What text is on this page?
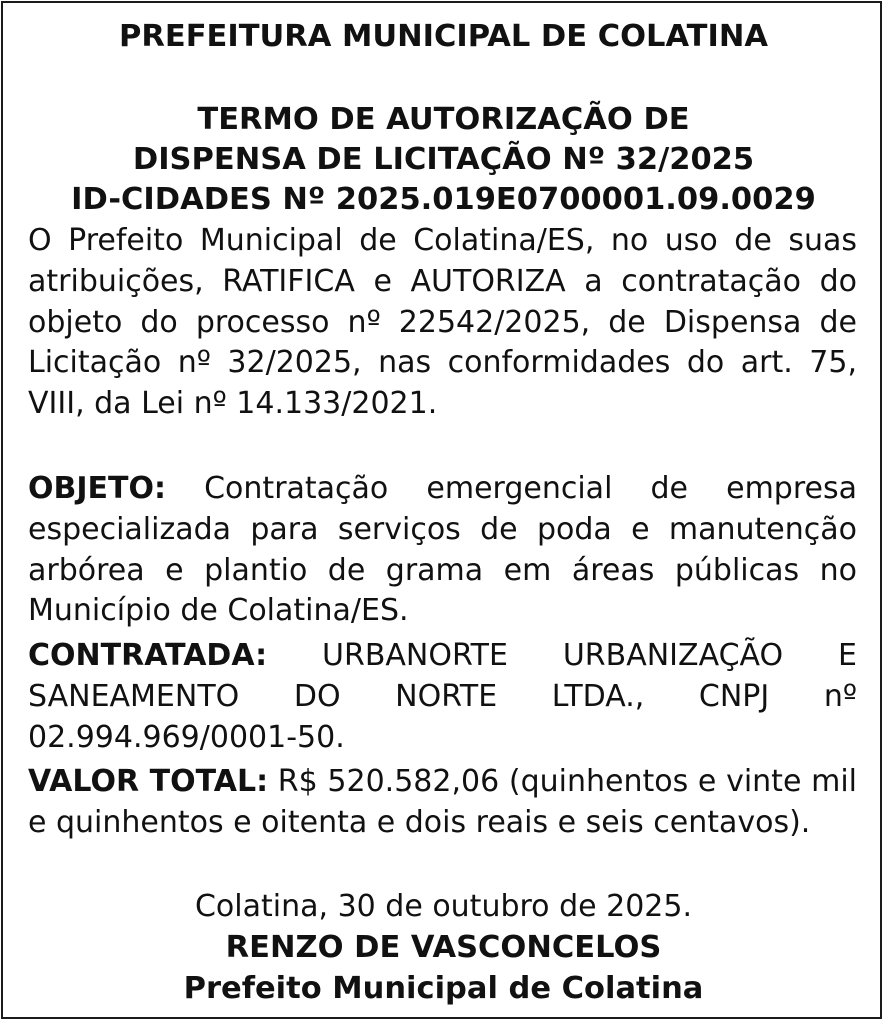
PREFEITURA MUNICIPAL DE COLATINA

TERMO DE AUTORIZAÇÃO DE

DISPENSA DE LICITAÇÃO Nº 32/2025

ID-CIDADES Nº 2025.019E0700001.09.0029

O Prefeito Municipal de Colatina/ES, no uso de suas atribuições, RATIFICA e AUTORIZA a contratação do objeto do processo nº 22542/2025, de Dispensa de Licitação nº 32/2025, nas conformidades do art. 75, VIII, da Lei nº 14.133/2021.

OBJETO: Contratação emergencial de empresa especializada para serviços de poda e manutenção arbórea e plantio de grama em áreas públicas no Município de Colatina/ES.

CONTRATADA: URBANORTE URBANIZAÇÃO E SANEAMENTO DO NORTE LTDA., CNPJ nº 02.994.969/0001-50.

VALOR TOTAL: R$ 520.582,06 (quinhentos e vinte mil e quinhentos e oitenta e dois reais e seis centavos).

Colatina, 30 de outubro de 2025.

RENZO DE VASCONCELOS

Prefeito Municipal de Colatina
